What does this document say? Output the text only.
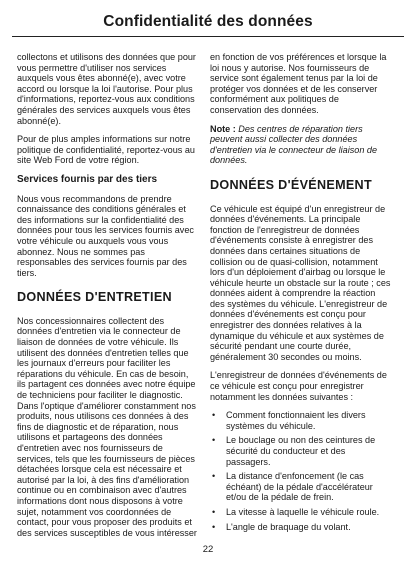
Confidentialité des données

collectons et utilisons des données que pour vous permettre d'utiliser nos services auxquels vous êtes abonné(e), avec votre accord ou lorsque la loi l'autorise. Pour plus d'informations, reportez-vous aux conditions générales des services auxquels vous êtes abonné(e).

Pour de plus amples informations sur notre politique de confidentialité, reportez-vous au site Web Ford de votre région.

Services fournis par des tiers

Nous vous recommandons de prendre connaissance des conditions générales et des informations sur la confidentialité des données pour tous les services fournis avec votre véhicule ou auxquels vous vous abonnez. Nous ne sommes pas responsables des services fournis par des tiers.

DONNÉES D'ENTRETIEN

Nos concessionnaires collectent des données d'entretien via le connecteur de liaison de données de votre véhicule. Ils utilisent des données d'entretien telles que les journaux d'erreurs pour faciliter les réparations du véhicule. En cas de besoin, ils partagent ces données avec notre équipe de techniciens pour faciliter le diagnostic. Dans l'optique d'améliorer constamment nos produits, nous utilisons ces données à des fins de diagnostic et de réparation, nous utilisons et partageons des données d'entretien avec nos fournisseurs de services, tels que les fournisseurs de pièces détachées lorsque cela est nécessaire et autorisé par la loi, à des fins d'amélioration continue ou en combinaison avec d'autres informations dont nous disposons à votre sujet, notamment vos coordonnées de contact, pour vous proposer des produits et des services susceptibles de vous intéresser

en fonction de vos préférences et lorsque la loi nous y autorise. Nos fournisseurs de service sont également tenus par la loi de protéger vos données et de les conserver conformément aux politiques de conservation des données.

Note : Des centres de réparation tiers peuvent aussi collecter des données d'entretien via le connecteur de liaison de données.

DONNÉES D'ÉVÉNEMENT

Ce véhicule est équipé d'un enregistreur de données d'événements. La principale fonction de l'enregistreur de données d'événements consiste à enregistrer des données dans certaines situations de collision ou de quasi-collision, notamment lors d'un déploiement d'airbag ou lorsque le véhicule heurte un obstacle sur la route ; ces données aident à comprendre la réaction des systèmes du véhicule. L'enregistreur de données d'événements est conçu pour enregistrer des données relatives à la dynamique du véhicule et aux systèmes de sécurité pendant une courte durée, généralement 30 secondes ou moins.

L'enregistreur de données d'événements de ce véhicule est conçu pour enregistrer notamment les données suivantes :

• Comment fonctionnaient les divers systèmes du véhicule.
• Le bouclage ou non des ceintures de sécurité du conducteur et des passagers.
• La distance d'enfoncement (le cas échéant) de la pédale d'accélérateur et/ou de la pédale de frein.
• La vitesse à laquelle le véhicule roule.
• L'angle de braquage du volant.
22
